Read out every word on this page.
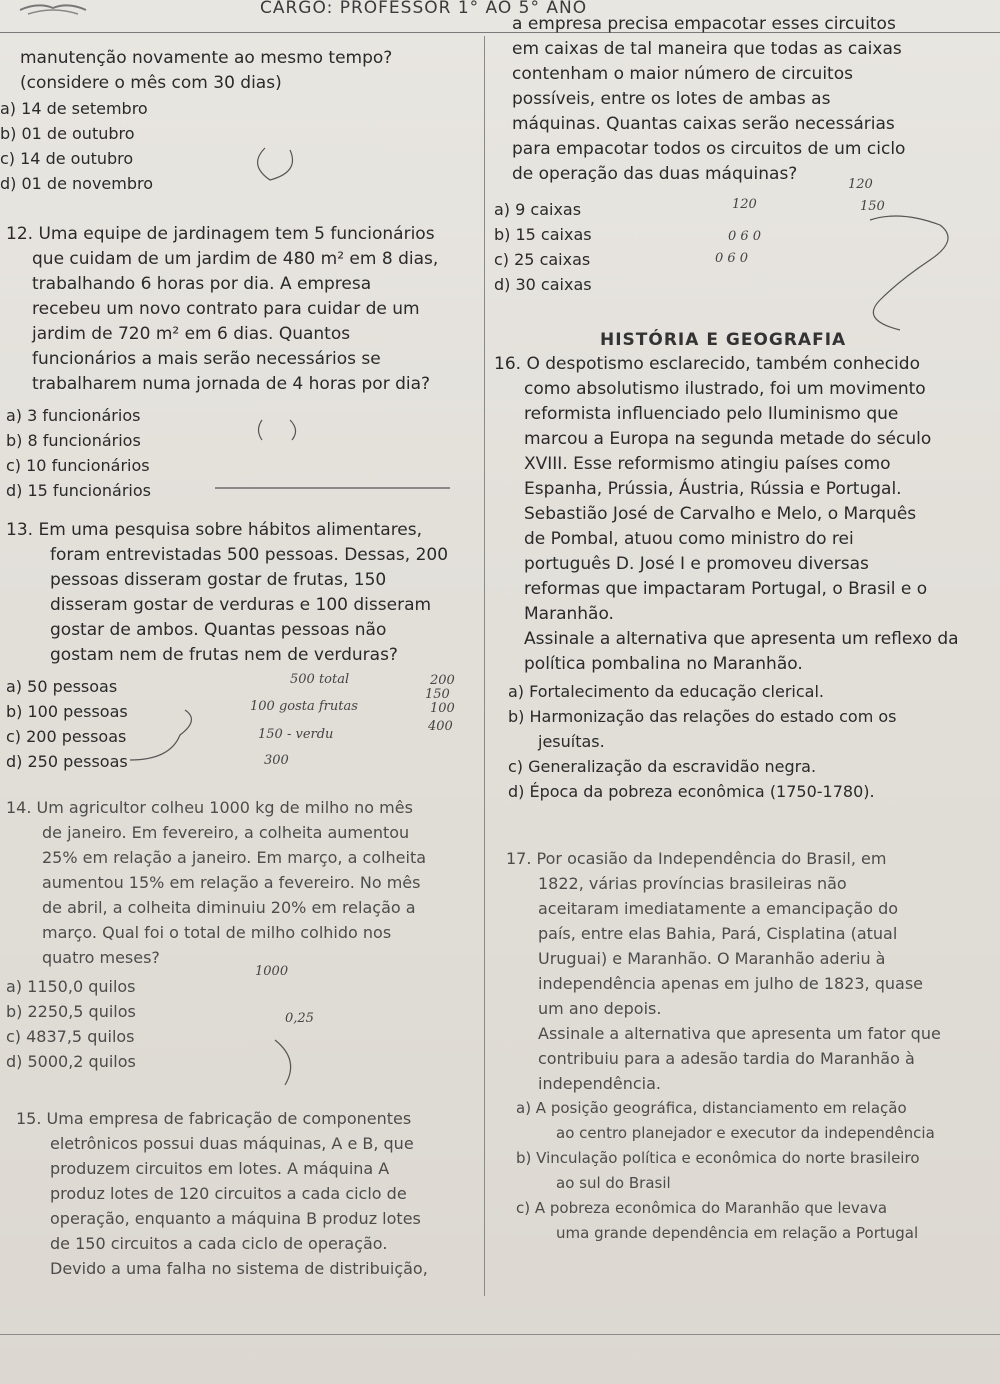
CARGO: PROFESSOR 1° AO 5° ANO

manutenção novamente ao mesmo tempo?

(considere o mês com 30 dias)

a) 14 de setembro

b) 01 de outubro

c) 14 de outubro

d) 01 de novembro

12. Uma equipe de jardinagem tem 5 funcionários

que cuidam de um jardim de 480 m² em 8 dias,

trabalhando 6 horas por dia. A empresa

recebeu um novo contrato para cuidar de um

jardim de 720 m² em 6 dias. Quantos

funcionários a mais serão necessários se

trabalharem numa jornada de 4 horas por dia?

a) 3 funcionários

b) 8 funcionários

c) 10 funcionários

d) 15 funcionários

13. Em uma pesquisa sobre hábitos alimentares,

foram entrevistadas 500 pessoas. Dessas, 200

pessoas disseram gostar de frutas, 150

disseram gostar de verduras e 100 disseram

gostar de ambos. Quantas pessoas não

gostam nem de frutas nem de verduras?

a) 50 pessoas

b) 100 pessoas

c) 200 pessoas

d) 250 pessoas

14. Um agricultor colheu 1000 kg de milho no mês

de janeiro. Em fevereiro, a colheita aumentou

25% em relação a janeiro. Em março, a colheita

aumentou 15% em relação a fevereiro. No mês

de abril, a colheita diminuiu 20% em relação a

março. Qual foi o total de milho colhido nos

quatro meses?

a) 1150,0 quilos

b) 2250,5 quilos

c) 4837,5 quilos

d) 5000,2 quilos

15. Uma empresa de fabricação de componentes

eletrônicos possui duas máquinas, A e B, que

produzem circuitos em lotes. A máquina A

produz lotes de 120 circuitos a cada ciclo de

operação, enquanto a máquina B produz lotes

de 150 circuitos a cada ciclo de operação.

Devido a uma falha no sistema de distribuição,

a empresa precisa empacotar esses circuitos

em caixas de tal maneira que todas as caixas

contenham o maior número de circuitos

possíveis, entre os lotes de ambas as

máquinas. Quantas caixas serão necessárias

para empacotar todos os circuitos de um ciclo

de operação das duas máquinas?

a) 9 caixas

b) 15 caixas

c) 25 caixas

d) 30 caixas

HISTÓRIA E GEOGRAFIA

16. O despotismo esclarecido, também conhecido

como absolutismo ilustrado, foi um movimento

reformista influenciado pelo Iluminismo que

marcou a Europa na segunda metade do século

XVIII. Esse reformismo atingiu países como

Espanha, Prússia, Áustria, Rússia e Portugal.

Sebastião José de Carvalho e Melo, o Marquês

de Pombal, atuou como ministro do rei

português D. José I e promoveu diversas

reformas que impactaram Portugal, o Brasil e o

Maranhão.

Assinale a alternativa que apresenta um reflexo da

política pombalina no Maranhão.

a) Fortalecimento da educação clerical.

b) Harmonização das relações do estado com os

jesuítas.

c) Generalização da escravidão negra.

d) Época da pobreza econômica (1750-1780).

17. Por ocasião da Independência do Brasil, em

1822, várias províncias brasileiras não

aceitaram imediatamente a emancipação do

país, entre elas Bahia, Pará, Cisplatina (atual

Uruguai) e Maranhão. O Maranhão aderiu à

independência apenas em julho de 1823, quase

um ano depois.

Assinale a alternativa que apresenta um fator que

contribuiu para a adesão tardia do Maranhão à

independência.

a) A posição geográfica, distanciamento em relação

ao centro planejador e executor da independência

b) Vinculação política e econômica do norte brasileiro

ao sul do Brasil

c) A pobreza econômica do Maranhão que levava

uma grande dependência em relação a Portugal

500 total
100 gosta frutas
150 - verdu
300
200
150
100
400
1000
0,25
120
120	150
0 6 0
0 6 0
